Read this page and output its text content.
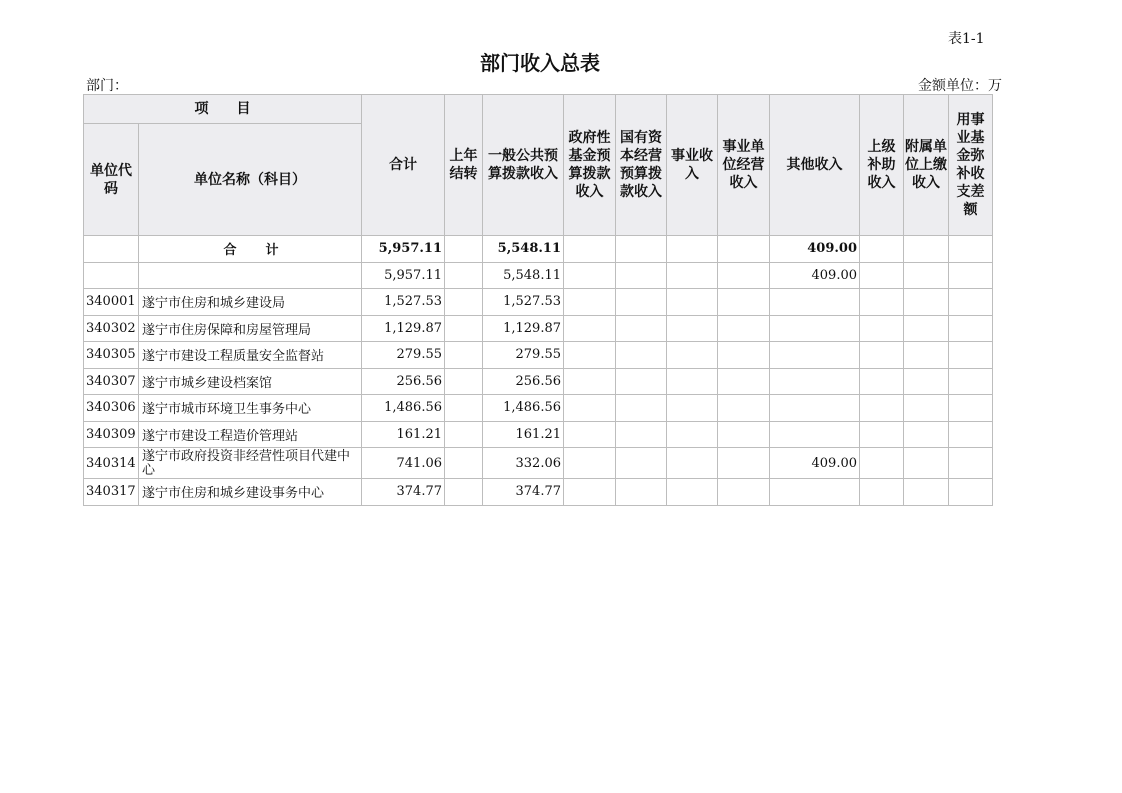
表1-1
部门收入总表
部门：	金额单位：万
项　　目		合计	上年结转	一般公共预算拨款收入	政府性基金预算拨款收入	国有资本经营预算拨款收入	事业收入	事业单位经营收入	其他收入	上级补助收入	附属单位上缴收入	用事业基金弥补收支差额

单位代码	单位名称（科目）											

	合　　计	5,957.11		5,548.11					409.00			
		5,957.11		5,548.11					409.00			
340001	遂宁市住房和城乡建设局	1,527.53		1,527.53								
340302	遂宁市住房保障和房屋管理局	1,129.87		1,129.87								
340305	遂宁市建设工程质量安全监督站	279.55		279.55								
340307	遂宁市城乡建设档案馆	256.56		256.56								
340306	遂宁市城市环境卫生事务中心	1,486.56		1,486.56								
340309	遂宁市建设工程造价管理站	161.21		161.21								
340314	遂宁市政府投资非经营性项目代建中心	741.06		332.06					409.00			
340317	遂宁市住房和城乡建设事务中心	374.77		374.77								
